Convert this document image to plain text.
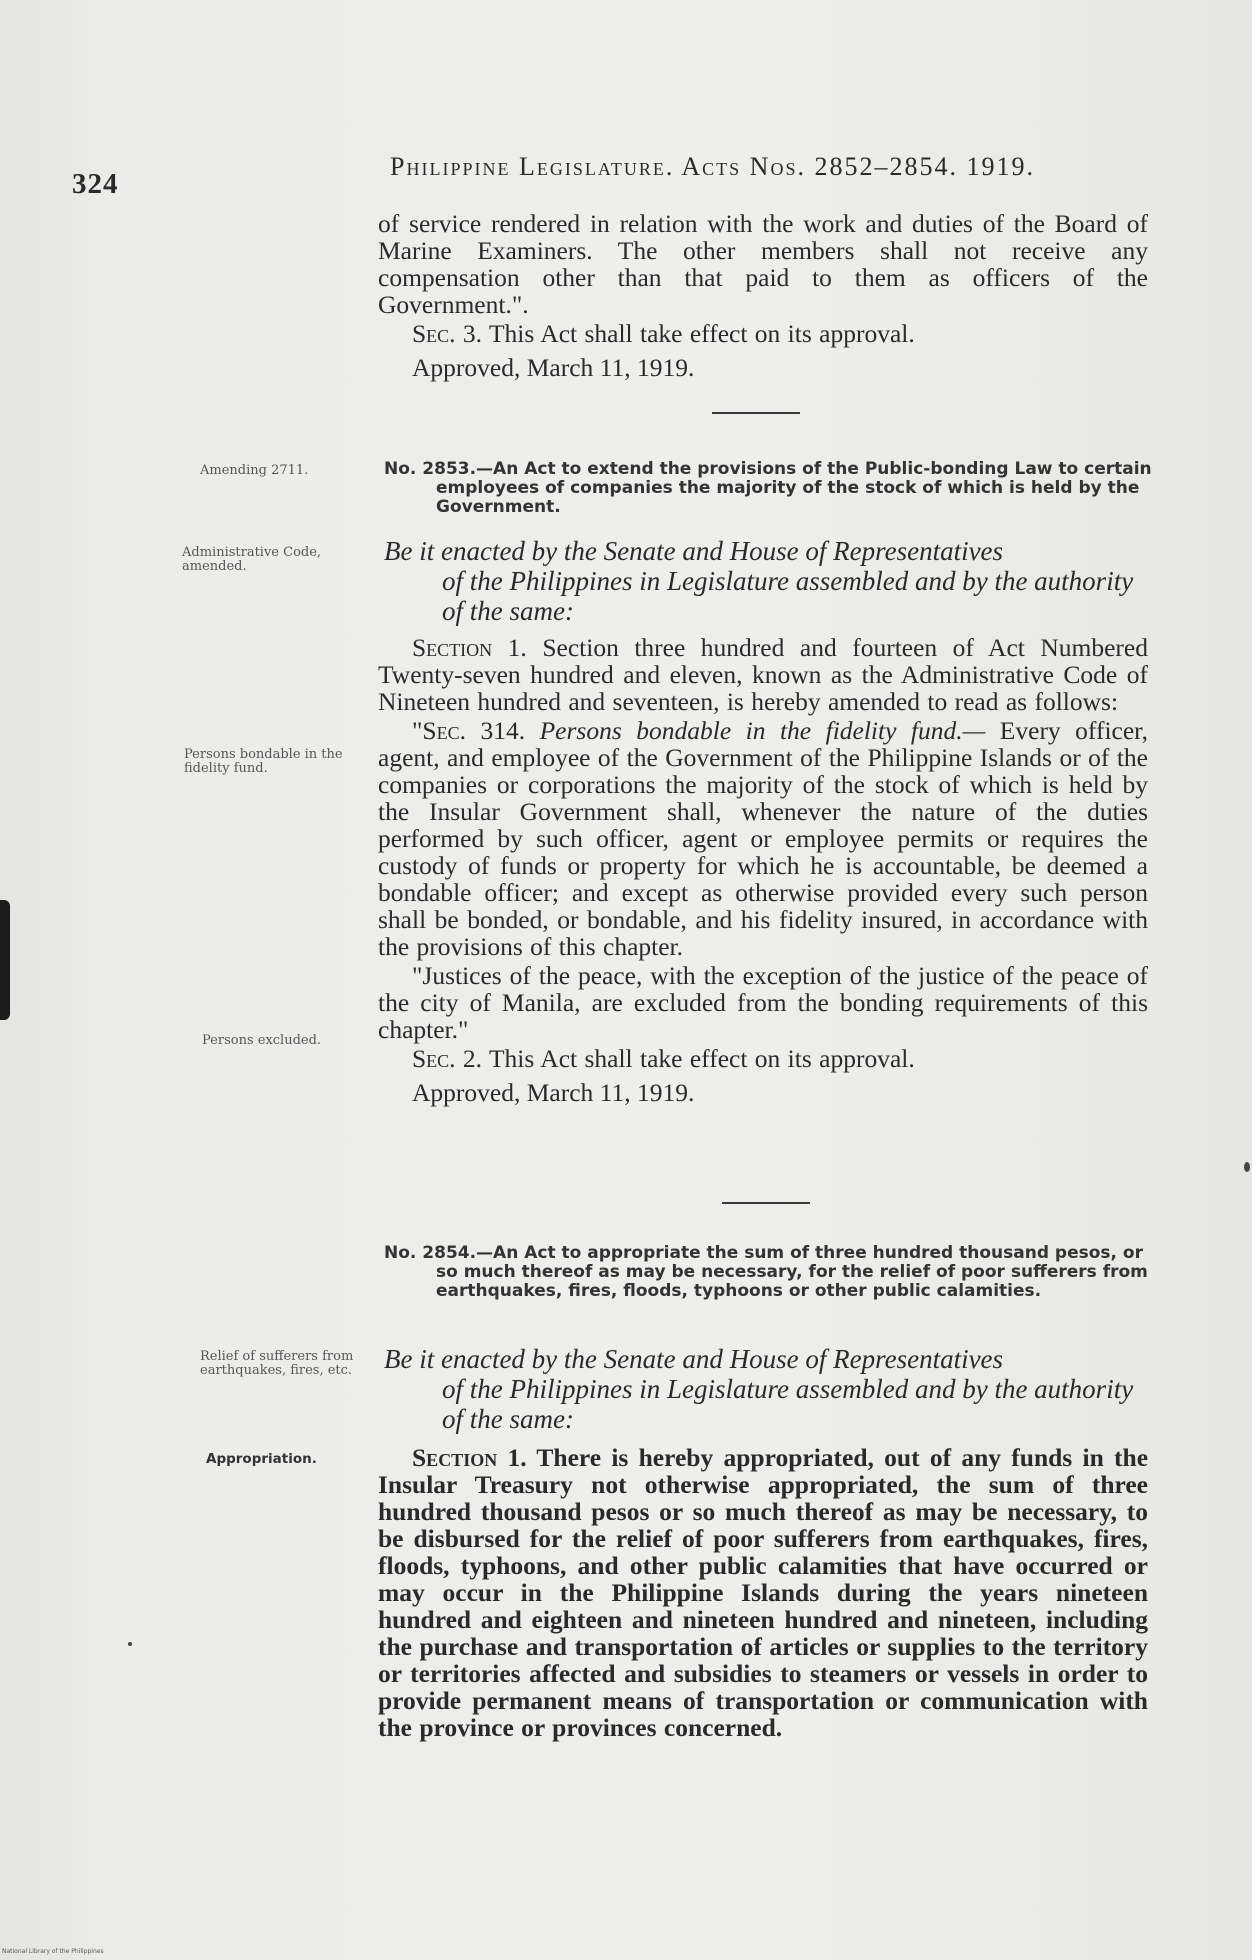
324
Philippine Legislature. Acts Nos. 2852–2854. 1919.

of service rendered in relation with the work and duties of the Board of Marine Examiners. The other members shall not receive any compensation other than that paid to them as officers of the Government.".

Sec. 3. This Act shall take effect on its approval.

Approved, March 11, 1919.

Amending 2711.	No. 2853.—An Act to extend the provisions of the Public-bonding Law to certain employees of companies the majority of the stock of which is held by the Government.
Administrative Code, amended.

Be it enacted by the Senate and House of Representatives
of the Philippines in Legislature assembled and by the authority of the same:

Section 1. Section three hundred and fourteen of Act Numbered Twenty-seven hundred and eleven, known as the Administrative Code of Nineteen hundred and seventeen, is hereby amended to read as follows:

"Sec. 314. Persons bondable in the fidelity fund.— Every officer, agent, and employee of the Government of the Philippine Islands or of the companies or corporations the majority of the stock of which is held by the Insular Government shall, whenever the nature of the duties performed by such officer, agent or employee permits or requires the custody of funds or property for which he is accountable, be deemed a bondable officer; and except as otherwise provided every such person shall be bonded, or bondable, and his fidelity insured, in accordance with the provisions of this chapter.

"Justices of the peace, with the exception of the justice of the peace of the city of Manila, are excluded from the bonding requirements of this chapter."

Sec. 2. This Act shall take effect on its approval.

Approved, March 11, 1919.

Persons bondable in the fidelity fund.
Persons excluded.
No. 2854.—An Act to appropriate the sum of three hundred thousand pesos, or so much thereof as may be necessary, for the relief of poor sufferers from earthquakes, fires, floods, typhoons or other public calamities.
Relief of sufferers from earthquakes, fires, etc.	Be it enacted by the Senate and House of Representatives
of the Philippines in Legislature assembled and by the authority of the same:

Appropriation.	Section 1. There is hereby appropriated, out of any funds in the Insular Treasury not otherwise appropriated, the sum of three hundred thousand pesos or so much thereof as may be necessary, to be disbursed for the relief of poor sufferers from earthquakes, fires, floods, typhoons, and other public calamities that have occurred or may occur in the Philippine Islands during the years nineteen hundred and eighteen and nineteen hundred and nineteen, including the purchase and transportation of articles or supplies to the territory or territories affected and subsidies to steamers or vessels in order to provide permanent means of transportation or communication with the province or provinces concerned.

National Library of the Philippines
